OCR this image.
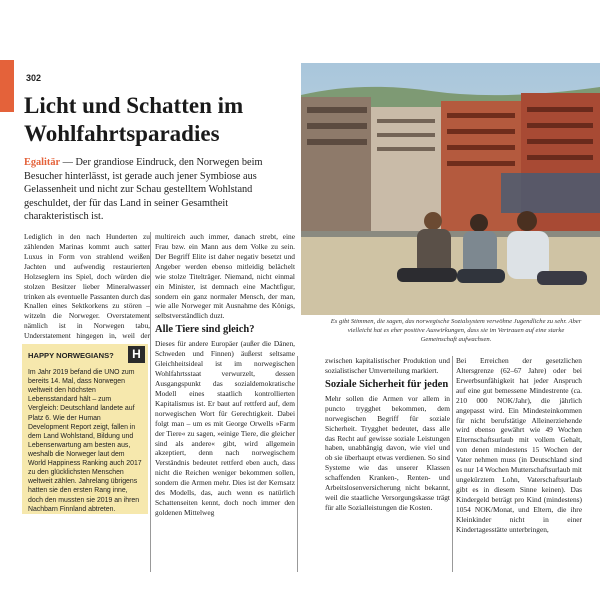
302
Licht und Schatten im Wohlfahrtsparadies

Egalitär — Der grandiose Eindruck, den Norwegen beim Besucher hinterlässt, ist gerade auch jener Symbiose aus Gelassenheit und nicht zur Schau gestelltem Wohlstand geschuldet, der für das Land in seiner Gesamtheit charakteristisch ist.

Lediglich in den nach Hunderten zu zählenden Marinas kommt auch satter Luxus in Form von strahlend weißen Jachten und aufwendig restaurierten Holzseglern ins Spiel, doch würden die stolzen Besitzer lieber Mineralwasser trinken als eventuelle Passanten durch das Knallen eines Sektkorkens zu stören – witzeln die Norweger. Overstatement nämlich ist in Norwegen tabu, Understatement hingegen in, weil der

HAPPY NORWEGIANS?	H

Im Jahr 2019 befand die UNO zum bereits 14. Mal, dass Norwegen weltweit den höchsten Lebensstandard hält – zum Vergleich: Deutschland landete auf Platz 6. Wie der Human Development Report zeigt, fallen in dem Land Wohlstand, Bildung und Lebenserwartung am besten aus, weshalb die Norweger laut dem World Happiness Ranking auch 2017 zu den glücklichsten Menschen weltweit zählen. Jahrelang übrigens hatten sie den ersten Rang inne, doch den mussten sie 2019 an ihren Nachbarn Finnland abtreten.

multireich auch immer, danach strebt, eine Frau bzw. ein Mann aus dem Volke zu sein. Der Begriff Elite ist daher negativ besetzt und Angeber werden ebenso mitleidig belächelt wie stolze Titelträger. Niemand, nicht einmal ein Minister, ist demnach eine Machtfigur, sondern ein ganz normaler Mensch, der man, wie alle Norweger mit Ausnahme des Königs, selbstverständlich duzt.

Alle Tiere sind gleich?

Dieses für andere Europäer (außer die Dänen, Schweden und Finnen) äußerst seltsame Gleichheitsideal ist im norwegischen Wohlfahrtsstaat verwurzelt, dessen Ausgangspunkt das sozialdemokratische Modell eines staatlich kontrollierten Kapitalismus ist. Er baut auf rettferd auf, dem norwegischen Wort für Gerechtigkeit. Dabei folgt man – um es mit George Orwells »Farm der Tiere« zu sagen, »einige Tiere, die gleicher sind als andere« gibt, wird allgemein akzeptiert, denn nach norwegischem Verständnis bedeutet rettferd eben auch, dass nicht die Reichen weniger bekommen sollen, sondern die Armen mehr. Dies ist der Kernsatz des Modells, das, auch wenn es natürlich Schattenseiten kennt, doch noch immer den goldenen Mittelweg

Es gibt Stimmen, die sagen, das norwegische Sozialsystem verwöhne Jugendliche zu sehr. Aber vielleicht hat es eher positive Auswirkungen, dass sie im Vertrauen auf eine starke Gemeinschaft aufwachsen.

zwischen kapitalistischer Produktion und sozialistischer Umverteilung markiert.

Soziale Sicherheit für jeden

Mehr sollen die Armen vor allem in puncto trygghet bekommen, dem norwegischen Begriff für soziale Sicherheit. Trygghet bedeutet, dass alle das Recht auf gewisse soziale Leistungen haben, unabhängig davon, wie viel und ob sie überhaupt etwas verdienen. So sind Systeme wie das unserer Klassen schaffenden Kranken-, Renten- und Arbeitslosenversicherung nicht bekannt, weil die staatliche Versorgungskasse trägt für alle Sozialleistungen die Kosten.

Bei Erreichen der gesetzlichen Altersgrenze (62–67 Jahre) oder bei Erwerbsunfähigkeit hat jeder Anspruch auf eine gut bemessene Mindestrente (ca. 210 000 NOK/Jahr), die jährlich angepasst wird. Ein Mindesteinkommen für nicht berufstätige Alleinerziehende wird ebenso gewährt wie 49 Wochen Elternschaftsurlaub mit vollem Gehalt, von denen mindestens 15 Wochen der Vater nehmen muss (in Deutschland sind es nur 14 Wochen Mutterschaftsurlaub mit ungekürztem Lohn, Vaterschaftsurlaub gibt es in diesem Sinne keinen). Das Kindergeld beträgt pro Kind (mindestens) 1054 NOK/Monat, und Eltern, die ihre Kleinkinder nicht in einer Kindertagesstätte unterbringen,
